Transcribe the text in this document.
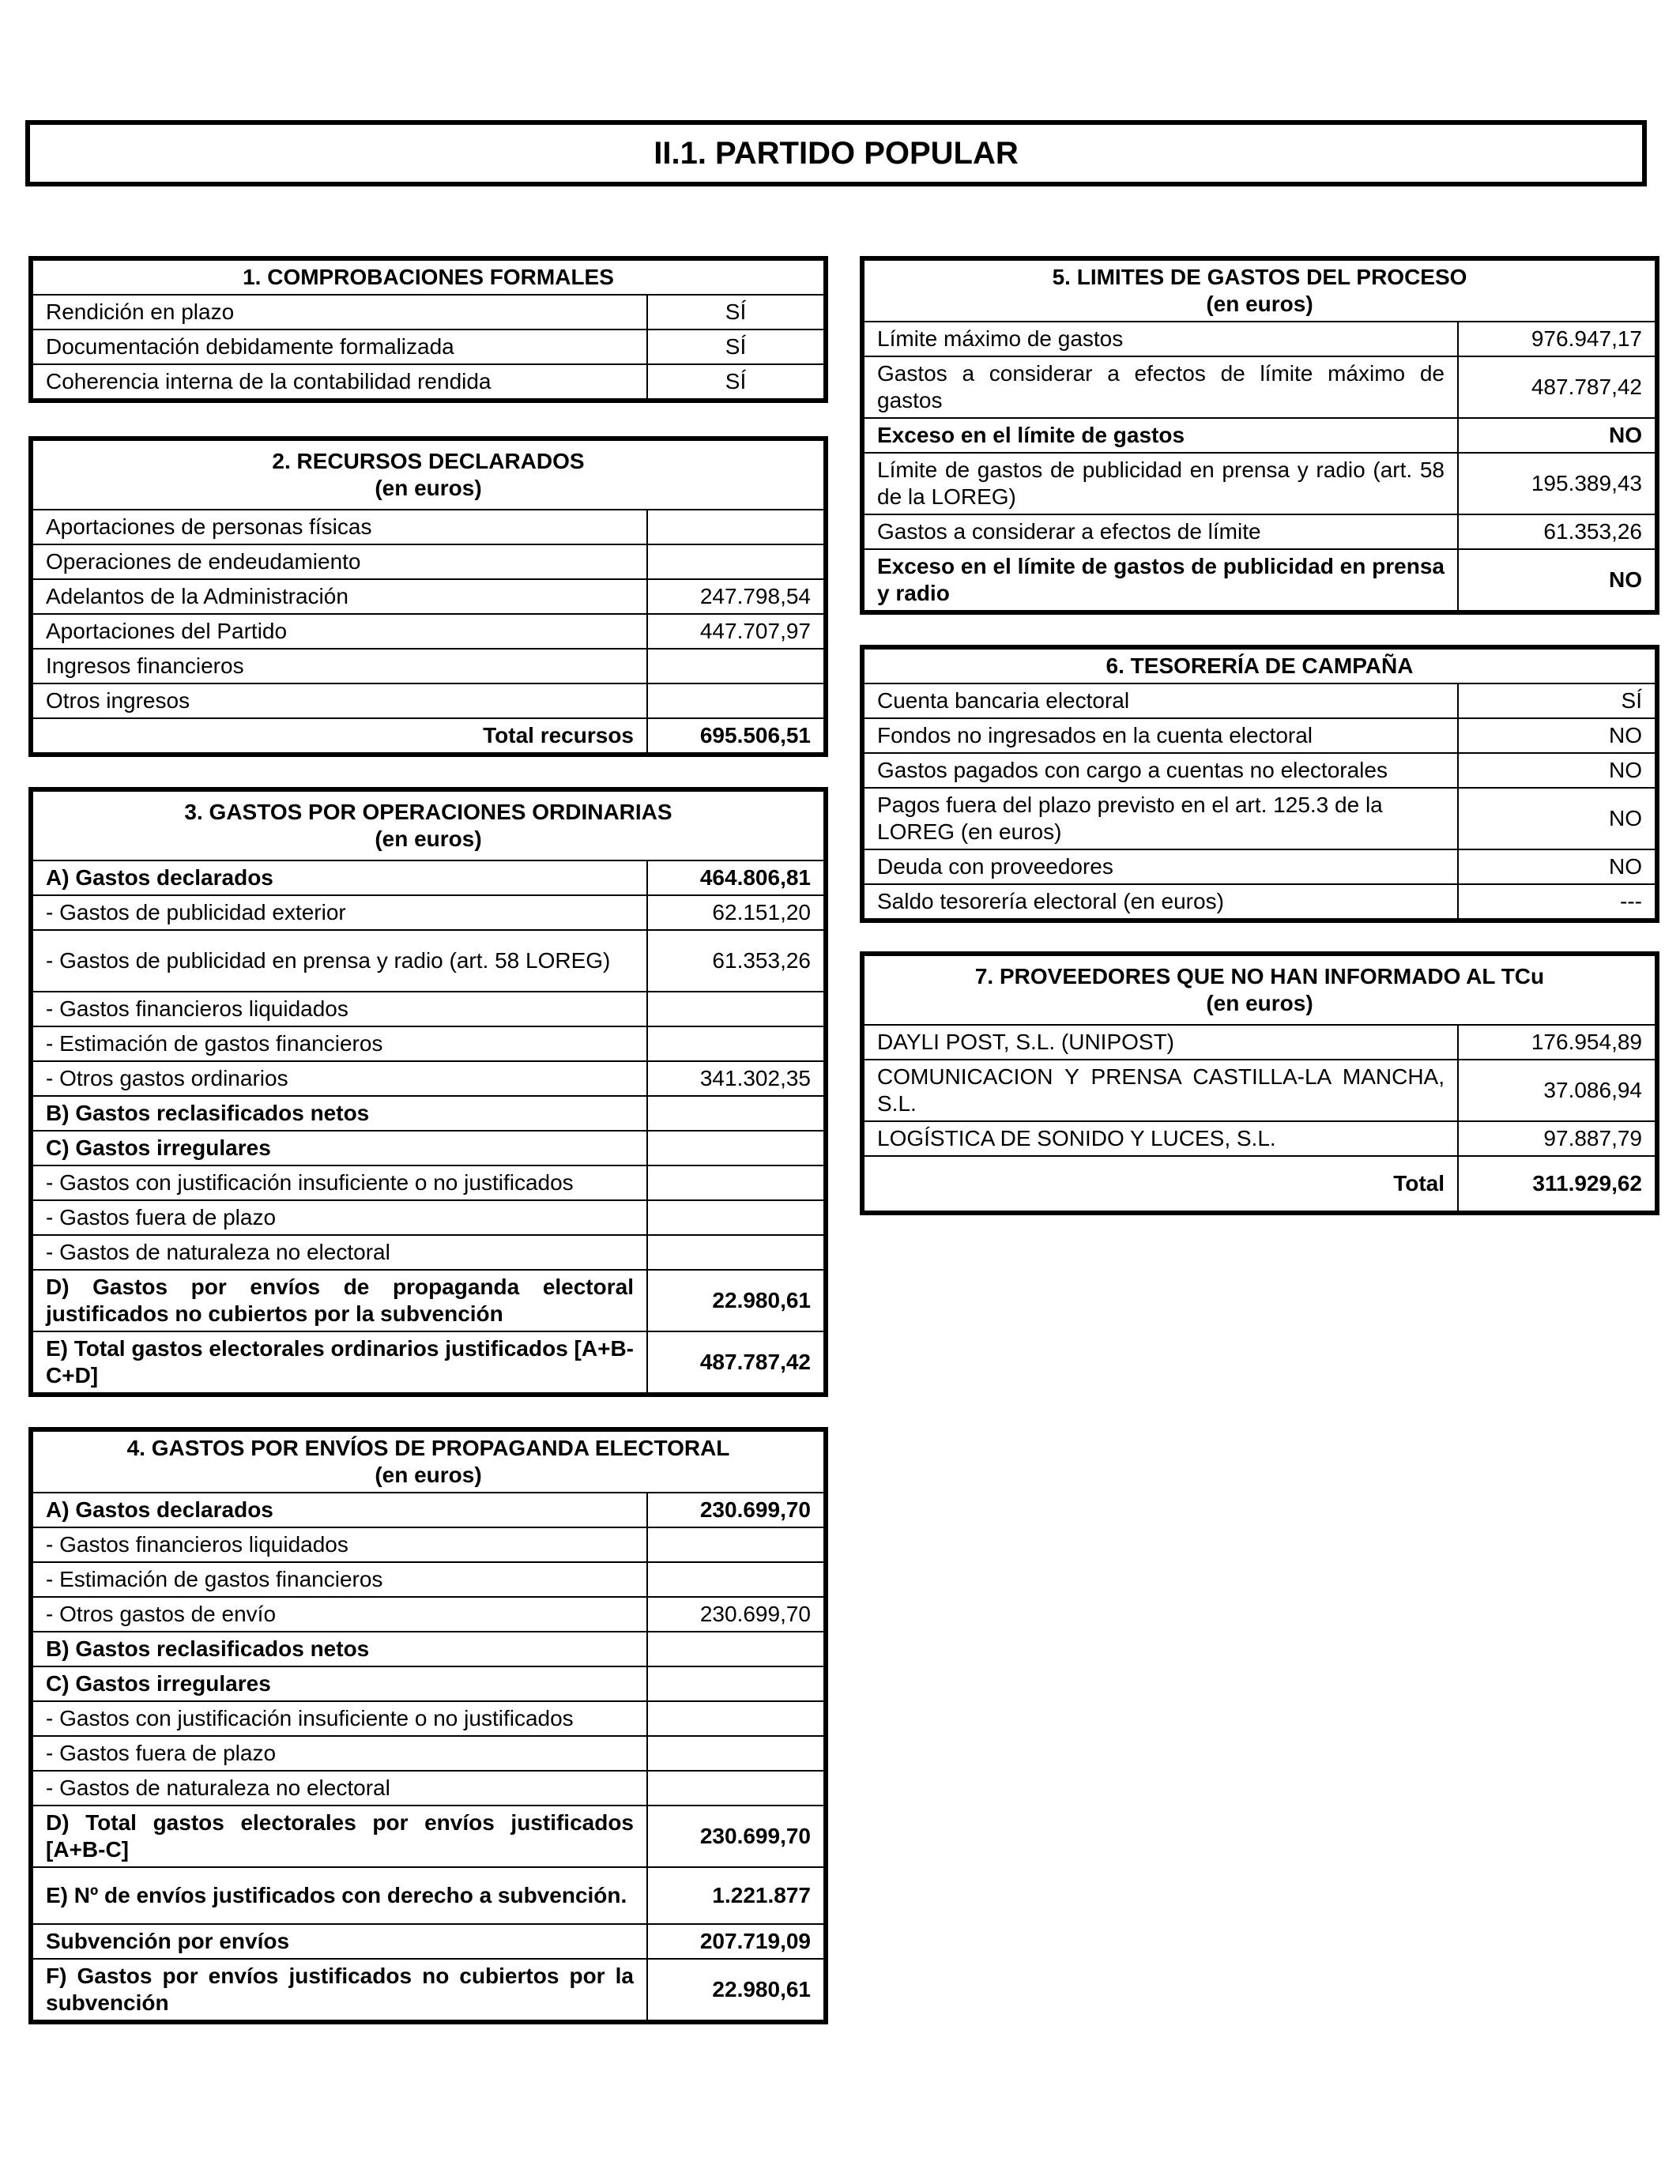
II.1. PARTIDO POPULAR
1. COMPROBACIONES FORMALES	
Rendición en plazo	SÍ
Documentación debidamente formalizada	SÍ
Coherencia interna de la contabilidad rendida	SÍ
2. RECURSOS DECLARADOS
(en euros)	

Aportaciones de personas físicas	
Operaciones de endeudamiento	
Adelantos de la Administración	247.798,54
Aportaciones del Partido	447.707,97
Ingresos financieros	
Otros ingresos	
Total recursos	695.506,51
3. GASTOS POR OPERACIONES ORDINARIAS
(en euros)	

A) Gastos declarados	464.806,81
- Gastos de publicidad exterior	62.151,20
- Gastos de publicidad en prensa y radio (art. 58 LOREG)	61.353,26
- Gastos financieros liquidados	
- Estimación de gastos financieros	
- Otros gastos ordinarios	341.302,35
B) Gastos reclasificados netos	
C) Gastos irregulares	
- Gastos con justificación insuficiente o no justificados	
- Gastos fuera de plazo	
- Gastos de naturaleza no electoral	
D) Gastos por envíos de propaganda electoral justificados no cubiertos por la subvención	22.980,61
E) Total gastos electorales ordinarios justificados [A+B-C+D]	487.787,42
4. GASTOS POR ENVÍOS DE PROPAGANDA ELECTORAL
(en euros)	

A) Gastos declarados	230.699,70
- Gastos financieros liquidados	
- Estimación de gastos financieros	
- Otros gastos de envío	230.699,70
B) Gastos reclasificados netos	
C) Gastos irregulares	
- Gastos con justificación insuficiente o no justificados	
- Gastos fuera de plazo	
- Gastos de naturaleza no electoral	
D) Total gastos electorales por envíos justificados [A+B-C]	230.699,70
E) Nº de envíos justificados con derecho a subvención.	1.221.877
Subvención por envíos	207.719,09
F) Gastos por envíos justificados no cubiertos por la subvención	22.980,61
5. LIMITES DE GASTOS DEL PROCESO
(en euros)	

Límite máximo de gastos	976.947,17
Gastos a considerar a efectos de límite máximo de gastos	487.787,42
Exceso en el límite de gastos	NO
Límite de gastos de publicidad en prensa y radio (art. 58 de la LOREG)	195.389,43
Gastos a considerar a efectos de límite	61.353,26
Exceso en el límite de gastos de publicidad en prensa y radio	NO
6. TESORERÍA DE CAMPAÑA	
Cuenta bancaria electoral	SÍ
Fondos no ingresados en la cuenta electoral	NO
Gastos pagados con cargo a cuentas no electorales	NO
Pagos fuera del plazo previsto en el art. 125.3 de la LOREG (en euros)	NO
Deuda con proveedores	NO
Saldo tesorería electoral (en euros)	---
7. PROVEEDORES QUE NO HAN INFORMADO AL TCu
(en euros)	

DAYLI POST, S.L. (UNIPOST)	176.954,89
COMUNICACION Y PRENSA CASTILLA-LA MANCHA, S.L.	37.086,94
LOGÍSTICA DE SONIDO Y LUCES, S.L.	97.887,79
Total	311.929,62
